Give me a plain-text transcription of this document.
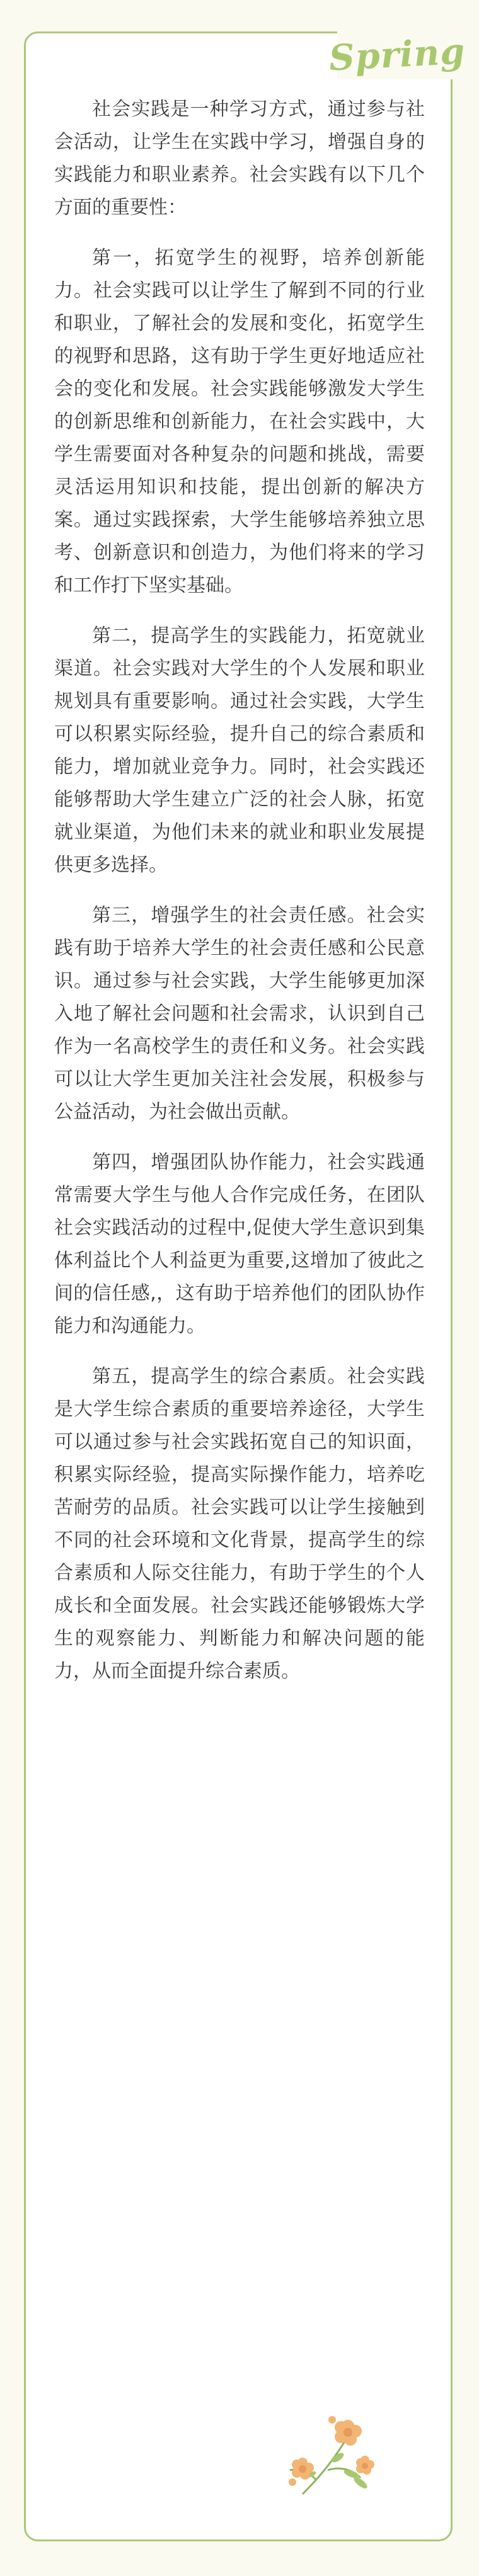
Spring

社会实践是一种学习方式，通过参与社会活动，让学生在实践中学习，增强自身的实践能力和职业素养。社会实践有以下几个方面的重要性：

第一，拓宽学生的视野，培养创新能力。社会实践可以让学生了解到不同的行业和职业，了解社会的发展和变化，拓宽学生的视野和思路，这有助于学生更好地适应社会的变化和发展。社会实践能够激发大学生的创新思维和创新能力，在社会实践中，大学生需要面对各种复杂的问题和挑战，需要灵活运用知识和技能，提出创新的解决方案。通过实践探索，大学生能够培养独立思考、创新意识和创造力，为他们将来的学习和工作打下坚实基础。

第二，提高学生的实践能力，拓宽就业渠道。社会实践对大学生的个人发展和职业规划具有重要影响。通过社会实践，大学生可以积累实际经验，提升自己的综合素质和能力，增加就业竞争力。同时，社会实践还能够帮助大学生建立广泛的社会人脉，拓宽就业渠道，为他们未来的就业和职业发展提供更多选择。

第三，增强学生的社会责任感。社会实践有助于培养大学生的社会责任感和公民意识。通过参与社会实践，大学生能够更加深入地了解社会问题和社会需求，认识到自己作为一名高校学生的责任和义务。社会实践可以让大学生更加关注社会发展，积极参与公益活动，为社会做出贡献。

第四，增强团队协作能力，社会实践通常需要大学生与他人合作完成任务，在团队社会实践活动的过程中,促使大学生意识到集体利益比个人利益更为重要,这增加了彼此之间的信任感,，这有助于培养他们的团队协作能力和沟通能力。

第五，提高学生的综合素质。社会实践是大学生综合素质的重要培养途径，大学生可以通过参与社会实践拓宽自己的知识面，积累实际经验，提高实际操作能力，培养吃苦耐劳的品质。社会实践可以让学生接触到不同的社会环境和文化背景，提高学生的综合素质和人际交往能力，有助于学生的个人成长和全面发展。社会实践还能够锻炼大学生的观察能力、判断能力和解决问题的能力，从而全面提升综合素质。
